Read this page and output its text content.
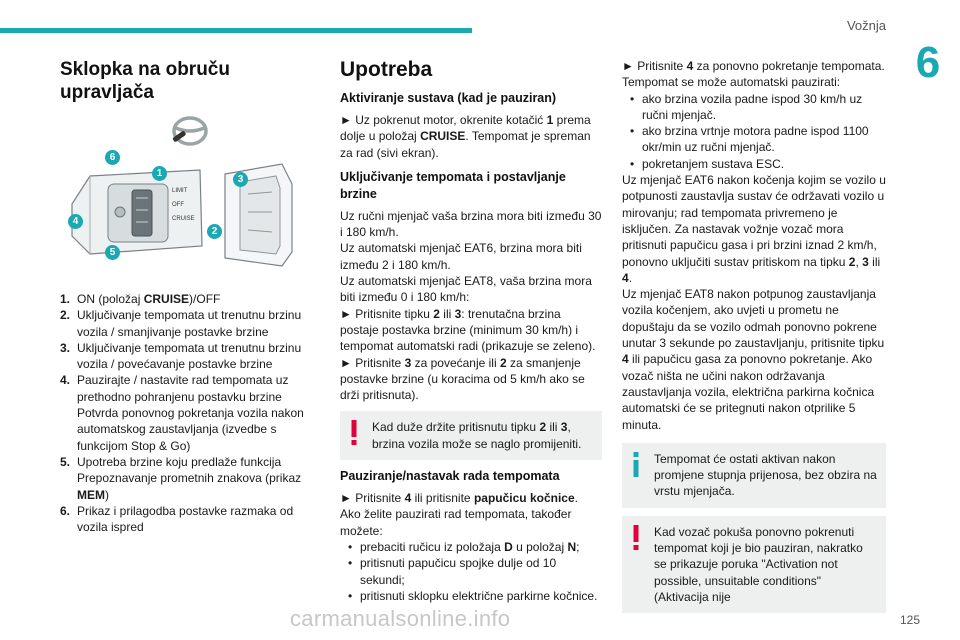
Vožnja
6
Sklopka na obruču upravljača
LIMIT
OFF
CRUISE
6
1
3
4
2
5
1. ON (položaj CRUISE)/OFF
2. Uključivanje tempomata ut trenutnu brzinu vozila / smanjivanje postavke brzine
3. Uključivanje tempomata ut trenutnu brzinu vozila / povećavanje postavke brzine
4. Pauzirajte / nastavite rad tempomata uz prethodno pohranjenu postavku brzine Potvrda ponovnog pokretanja vozila nakon automatskog zaustavljanja (izvedbe s funkcijom Stop & Go)
5. Upotreba brzine koju predlaže funkcija Prepoznavanje prometnih znakova (prikaz MEM)
6. Prikaz i prilagodba postavke razmaka od vozila ispred
Upotreba
Aktiviranje sustava (kad je pauziran)

► Uz pokrenut motor, okrenite kotačić 1 prema dolje u položaj CRUISE. Tempomat je spreman za rad (sivi ekran).

Uključivanje tempomata i postavljanje brzine

Uz ručni mjenjač vaša brzina mora biti između 30 i 180 km/h.

Uz automatski mjenjač EAT6, brzina mora biti između 2 i 180 km/h.

Uz automatski mjenjač EAT8, vaša brzina mora biti između 0 i 180 km/h:

► Pritisnite tipku 2 ili 3: trenutačna brzina postaje postavka brzine (minimum 30 km/h) i tempomat automatski radi (prikazuje se zeleno).

► Pritisnite 3 za povećanje ili 2 za smanjenje postavke brzine (u koracima od 5 km/h ako se drži pritisnuta).

Kad duže držite pritisnutu tipku 2 ili 3, brzina vozila može se naglo promijeniti.

Pauziranje/nastavak rada tempomata

► Pritisnite 4 ili pritisnite papučicu kočnice.

Ako želite pauzirati rad tempomata, također možete:

• prebaciti ručicu iz položaja D u položaj N;
• pritisnuti papučicu spojke dulje od 10 sekundi;
• pritisnuti sklopku električne parkirne kočnice.

► Pritisnite 4 za ponovno pokretanje tempomata. Tempomat se može automatski pauzirati:

• ako brzina vozila padne ispod 30 km/h uz ručni mjenjač.
• ako brzina vrtnje motora padne ispod 1100 okr/min uz ručni mjenjač.
• pokretanjem sustava ESC.

Uz mjenjač EAT6 nakon kočenja kojim se vozilo u potpunosti zaustavlja sustav će održavati vozilo u mirovanju; rad tempomata privremeno je isključen. Za nastavak vožnje vozač mora pritisnuti papučicu gasa i pri brzini iznad 2 km/h, ponovno uključiti sustav pritiskom na tipku 2, 3 ili 4.

Uz mjenjač EAT8 nakon potpunog zaustavljanja vozila kočenjem, ako uvjeti u prometu ne dopuštaju da se vozilo odmah ponovno pokrene unutar 3 sekunde po zaustavljanju, pritisnite tipku 4 ili papučicu gasa za ponovno pokretanje. Ako vozač ništa ne učini nakon održavanja zaustavljanja vozila, električna parkirna kočnica automatski će se pritegnuti nakon otprilike 5 minuta.

Tempomat će ostati aktivan nakon promjene stupnja prijenosa, bez obzira na vrstu mjenjača.

Kad vozač pokuša ponovno pokrenuti tempomat koji je bio pauziran, nakratko se prikazuje poruka "Activation not possible, unsuitable conditions" (Aktivacija nije

carmanualsonline.info	125
